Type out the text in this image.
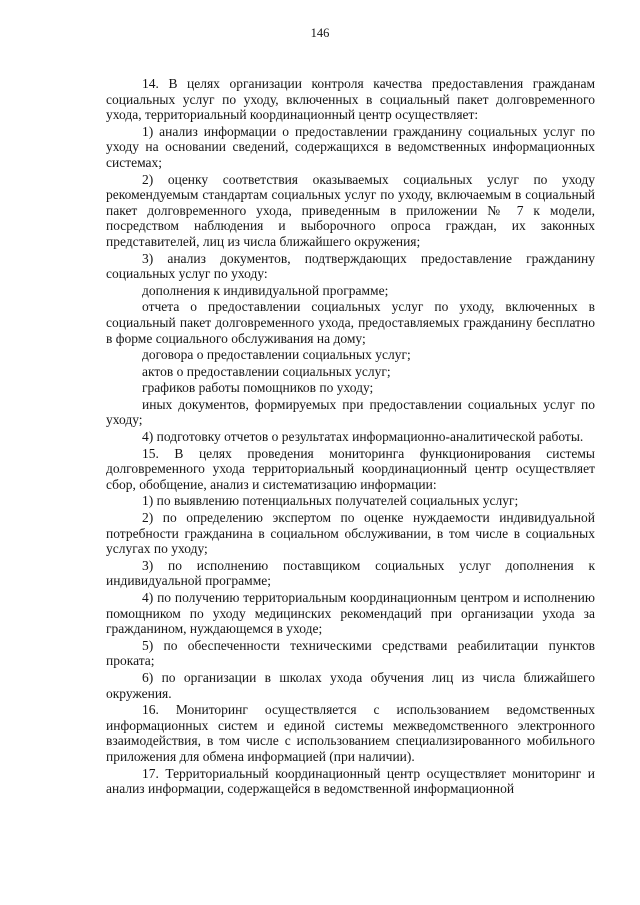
146

14. В целях организации контроля качества предоставления гражданам социальных услуг по уходу, включенных в социальный пакет долговременного ухода, территориальный координационный центр осуществляет:

1) анализ информации о предоставлении гражданину социальных услуг по уходу на основании сведений, содержащихся в ведомственных информационных системах;

2) оценку соответствия оказываемых социальных услуг по уходу рекомендуемым стандартам социальных услуг по уходу, включаемым в социальный пакет долговременного ухода, приведенным в приложении № 7 к модели, посредством наблюдения и выборочного опроса граждан, их законных представителей, лиц из числа ближайшего окружения;

3) анализ документов, подтверждающих предоставление гражданину социальных услуг по уходу:

дополнения к индивидуальной программе;

отчета о предоставлении социальных услуг по уходу, включенных в социальный пакет долговременного ухода, предоставляемых гражданину бесплатно в форме социального обслуживания на дому;

договора о предоставлении социальных услуг;

актов о предоставлении социальных услуг;

графиков работы помощников по уходу;

иных документов, формируемых при предоставлении социальных услуг по уходу;

4) подготовку отчетов о результатах информационно-аналитической работы.

15. В целях проведения мониторинга функционирования системы долговременного ухода территориальный координационный центр осуществляет сбор, обобщение, анализ и систематизацию информации:

1) по выявлению потенциальных получателей социальных услуг;

2) по определению экспертом по оценке нуждаемости индивидуальной потребности гражданина в социальном обслуживании, в том числе в социальных услугах по уходу;

3) по исполнению поставщиком социальных услуг дополнения к индивидуальной программе;

4) по получению территориальным координационным центром и исполнению помощником по уходу медицинских рекомендаций при организации ухода за гражданином, нуждающемся в уходе;

5) по обеспеченности техническими средствами реабилитации пунктов проката;

6) по организации в школах ухода обучения лиц из числа ближайшего окружения.

16. Мониторинг осуществляется с использованием ведомственных информационных систем и единой системы межведомственного электронного взаимодействия, в том числе с использованием специализированного мобильного приложения для обмена информацией (при наличии).

17. Территориальный координационный центр осуществляет мониторинг и анализ информации, содержащейся в ведомственной информационной
